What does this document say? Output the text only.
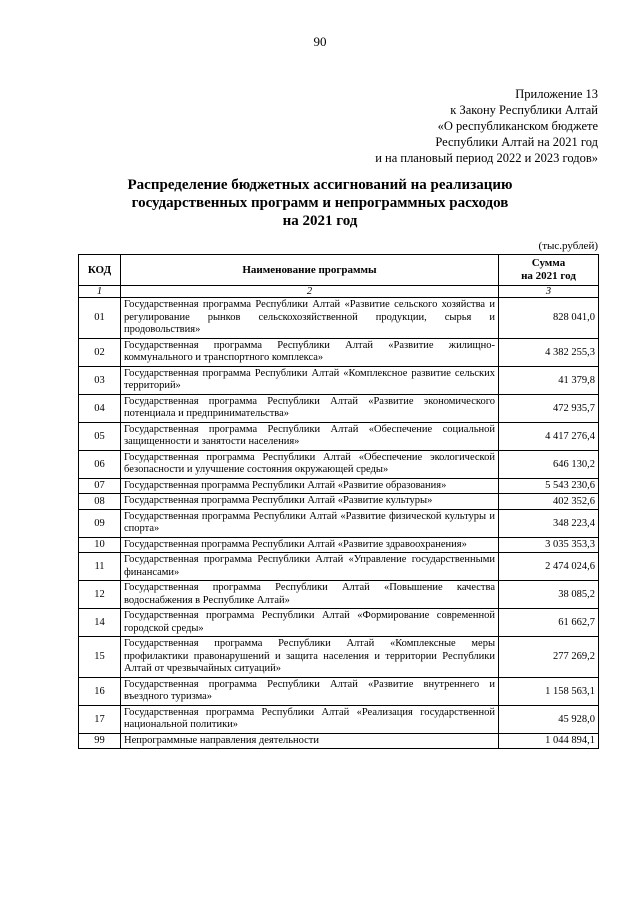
90
Приложение 13
к Закону Республики Алтай
«О республиканском бюджете
Республики Алтай на 2021 год
и на плановый период 2022 и 2023 годов»
Распределение бюджетных ассигнований на реализацию
государственных программ и непрограммных расходов
на 2021 год
(тыс.рублей)
КОД	Наименование программы	Сумма
на 2021 год

1	2	3
01	Государственная программа Республики Алтай «Развитие сельского хозяйства и регулирование рынков сельскохозяйственной продукции, сырья и продовольствия»	828 041,0
02	Государственная программа Республики Алтай «Развитие жилищно-коммунального и транспортного комплекса»	4 382 255,3
03	Государственная программа Республики Алтай «Комплексное развитие сельских территорий»	41 379,8
04	Государственная программа Республики Алтай «Развитие экономического потенциала и предпринимательства»	472 935,7
05	Государственная программа Республики Алтай «Обеспечение социальной защищенности и занятости населения»	4 417 276,4
06	Государственная программа Республики Алтай «Обеспечение экологической безопасности и улучшение состояния окружающей среды»	646 130,2
07	Государственная программа Республики Алтай «Развитие образования»	5 543 230,6
08	Государственная программа Республики Алтай «Развитие культуры»	402 352,6
09	Государственная программа Республики Алтай «Развитие физической культуры и спорта»	348 223,4
10	Государственная программа Республики Алтай «Развитие здравоохранения»	3 035 353,3
11	Государственная программа Республики Алтай «Управление государственными финансами»	2 474 024,6
12	Государственная программа Республики Алтай «Повышение качества водоснабжения в Республике Алтай»	38 085,2
14	Государственная программа Республики Алтай «Формирование современной городской среды»	61 662,7
15	Государственная программа Республики Алтай «Комплексные меры профилактики правонарушений и защита населения и территории Республики Алтай от чрезвычайных ситуаций»	277 269,2
16	Государственная программа Республики Алтай «Развитие внутреннего и въездного туризма»	1 158 563,1
17	Государственная программа Республики Алтай «Реализация государственной национальной политики»	45 928,0
99	Непрограммные направления деятельности	1 044 894,1
